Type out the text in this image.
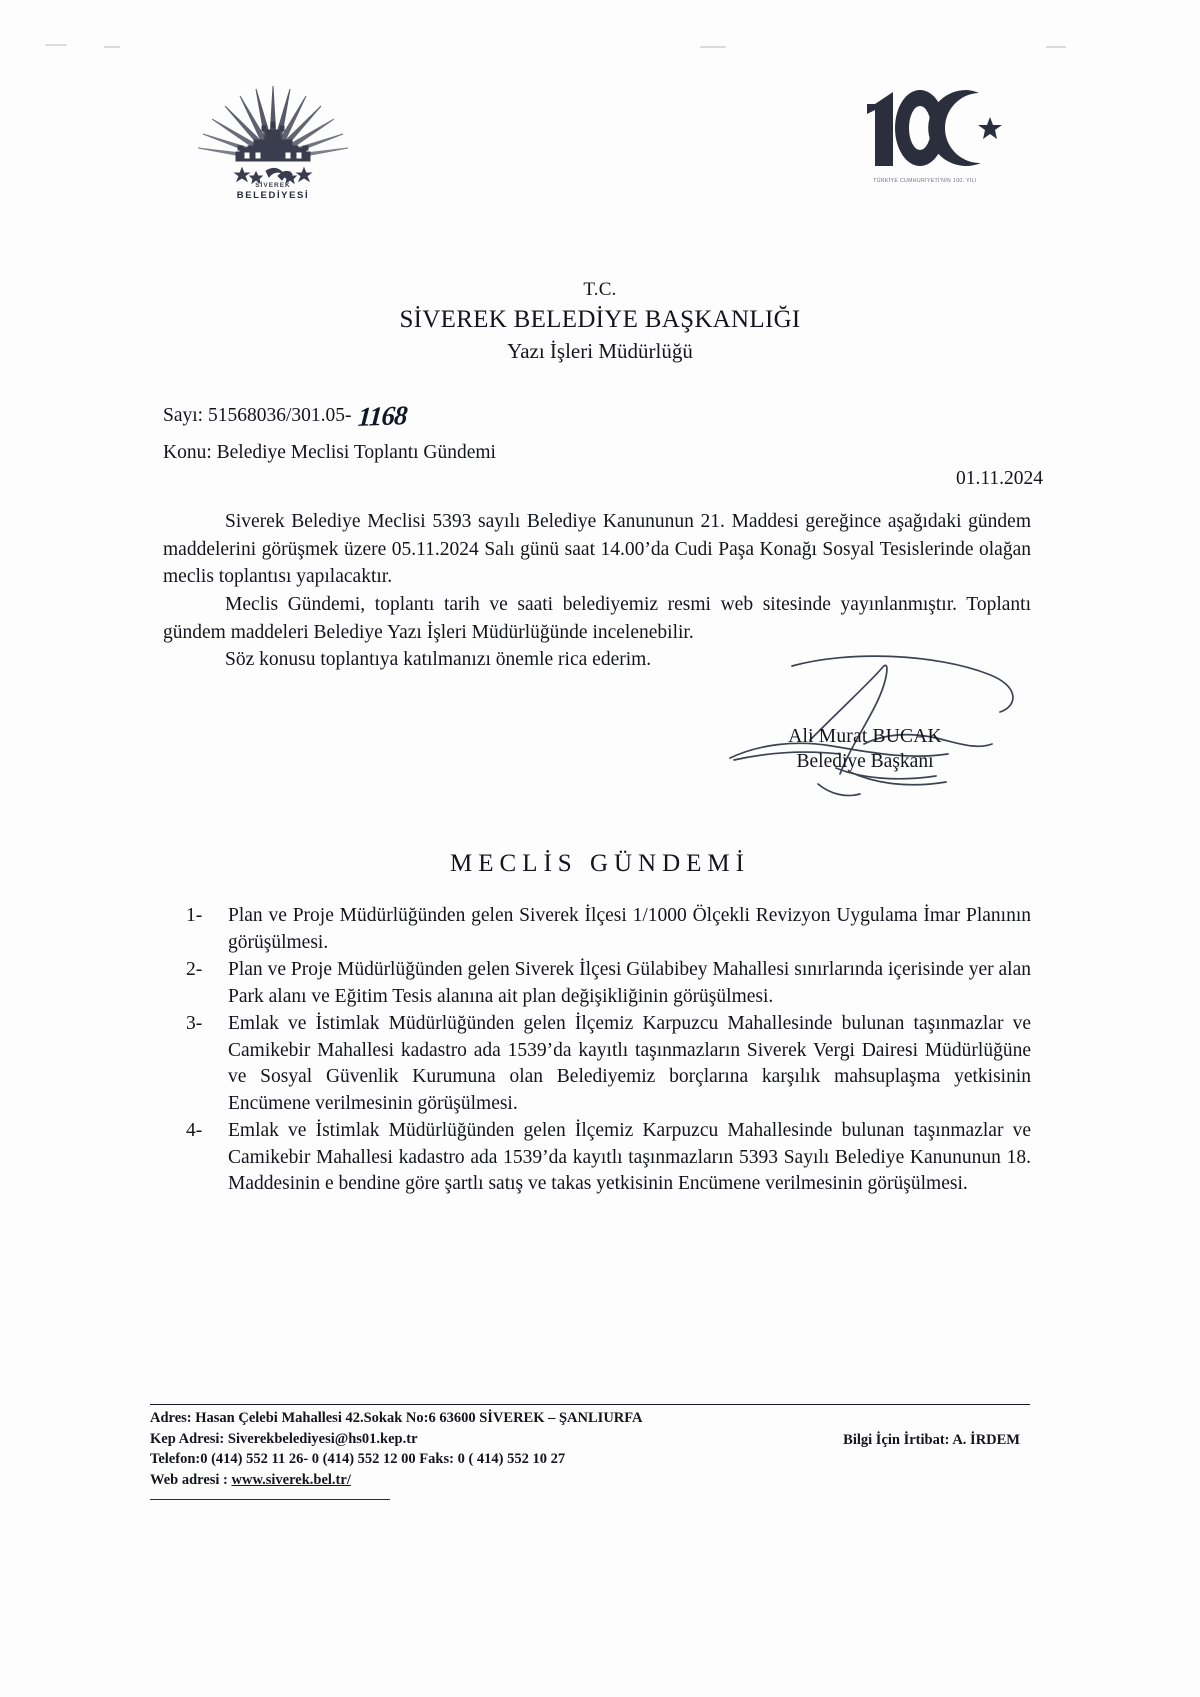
SİVEREK
BELEDİYESİ
TÜRKİYE CUMHURİYETİ'NİN 100. YILI
T.C.
SİVEREK BELEDİYE BAŞKANLIĞI
Yazı İşleri Müdürlüğü
Sayı: 51568036/301.05- 1168
Konu: Belediye Meclisi Toplantı Gündemi
01.11.2024

Siverek Belediye Meclisi 5393 sayılı Belediye Kanununun 21. Maddesi gereğince aşağıdaki gündem maddelerini görüşmek üzere 05.11.2024 Salı günü saat 14.00’da Cudi Paşa Konağı Sosyal Tesislerinde olağan meclis toplantısı yapılacaktır.

Meclis Gündemi, toplantı tarih ve saati belediyemiz resmi web sitesinde yayınlanmıştır. Toplantı gündem maddeleri Belediye Yazı İşleri Müdürlüğünde incelenebilir.

Söz konusu toplantıya katılmanızı önemle rica ederim.

Ali Murat BUCAK
Belediye Başkanı
MECLİS GÜNDEMİ
1-	Plan ve Proje Müdürlüğünden gelen Siverek İlçesi 1/1000 Ölçekli Revizyon Uygulama İmar Planının görüşülmesi.
2-	Plan ve Proje Müdürlüğünden gelen Siverek İlçesi Gülabibey Mahallesi sınırlarında içerisinde yer alan Park alanı ve Eğitim Tesis alanına ait plan değişikliğinin görüşülmesi.
3-	Emlak ve İstimlak Müdürlüğünden gelen İlçemiz Karpuzcu Mahallesinde bulunan taşınmazlar ve Camikebir Mahallesi kadastro ada 1539’da kayıtlı taşınmazların Siverek Vergi Dairesi Müdürlüğüne ve Sosyal Güvenlik Kurumuna olan Belediyemiz borçlarına karşılık mahsuplaşma yetkisinin Encümene verilmesinin görüşülmesi.
4-	Emlak ve İstimlak Müdürlüğünden gelen İlçemiz Karpuzcu Mahallesinde bulunan taşınmazlar ve Camikebir Mahallesi kadastro ada 1539’da kayıtlı taşınmazların 5393 Sayılı Belediye Kanununun 18. Maddesinin e bendine göre şartlı satış ve takas yetkisinin Encümene verilmesinin görüşülmesi.
Adres: Hasan Çelebi Mahallesi 42.Sokak No:6 63600 SİVEREK – ŞANLIURFA
Kep Adresi: Siverekbelediyesi@hs01.kep.tr
Telefon:0 (414) 552 11 26- 0 (414) 552 12 00 Faks: 0 ( 414) 552 10 27
Web adresi : www.siverek.bel.tr/
Bilgi İçin İrtibat: A. İRDEM
